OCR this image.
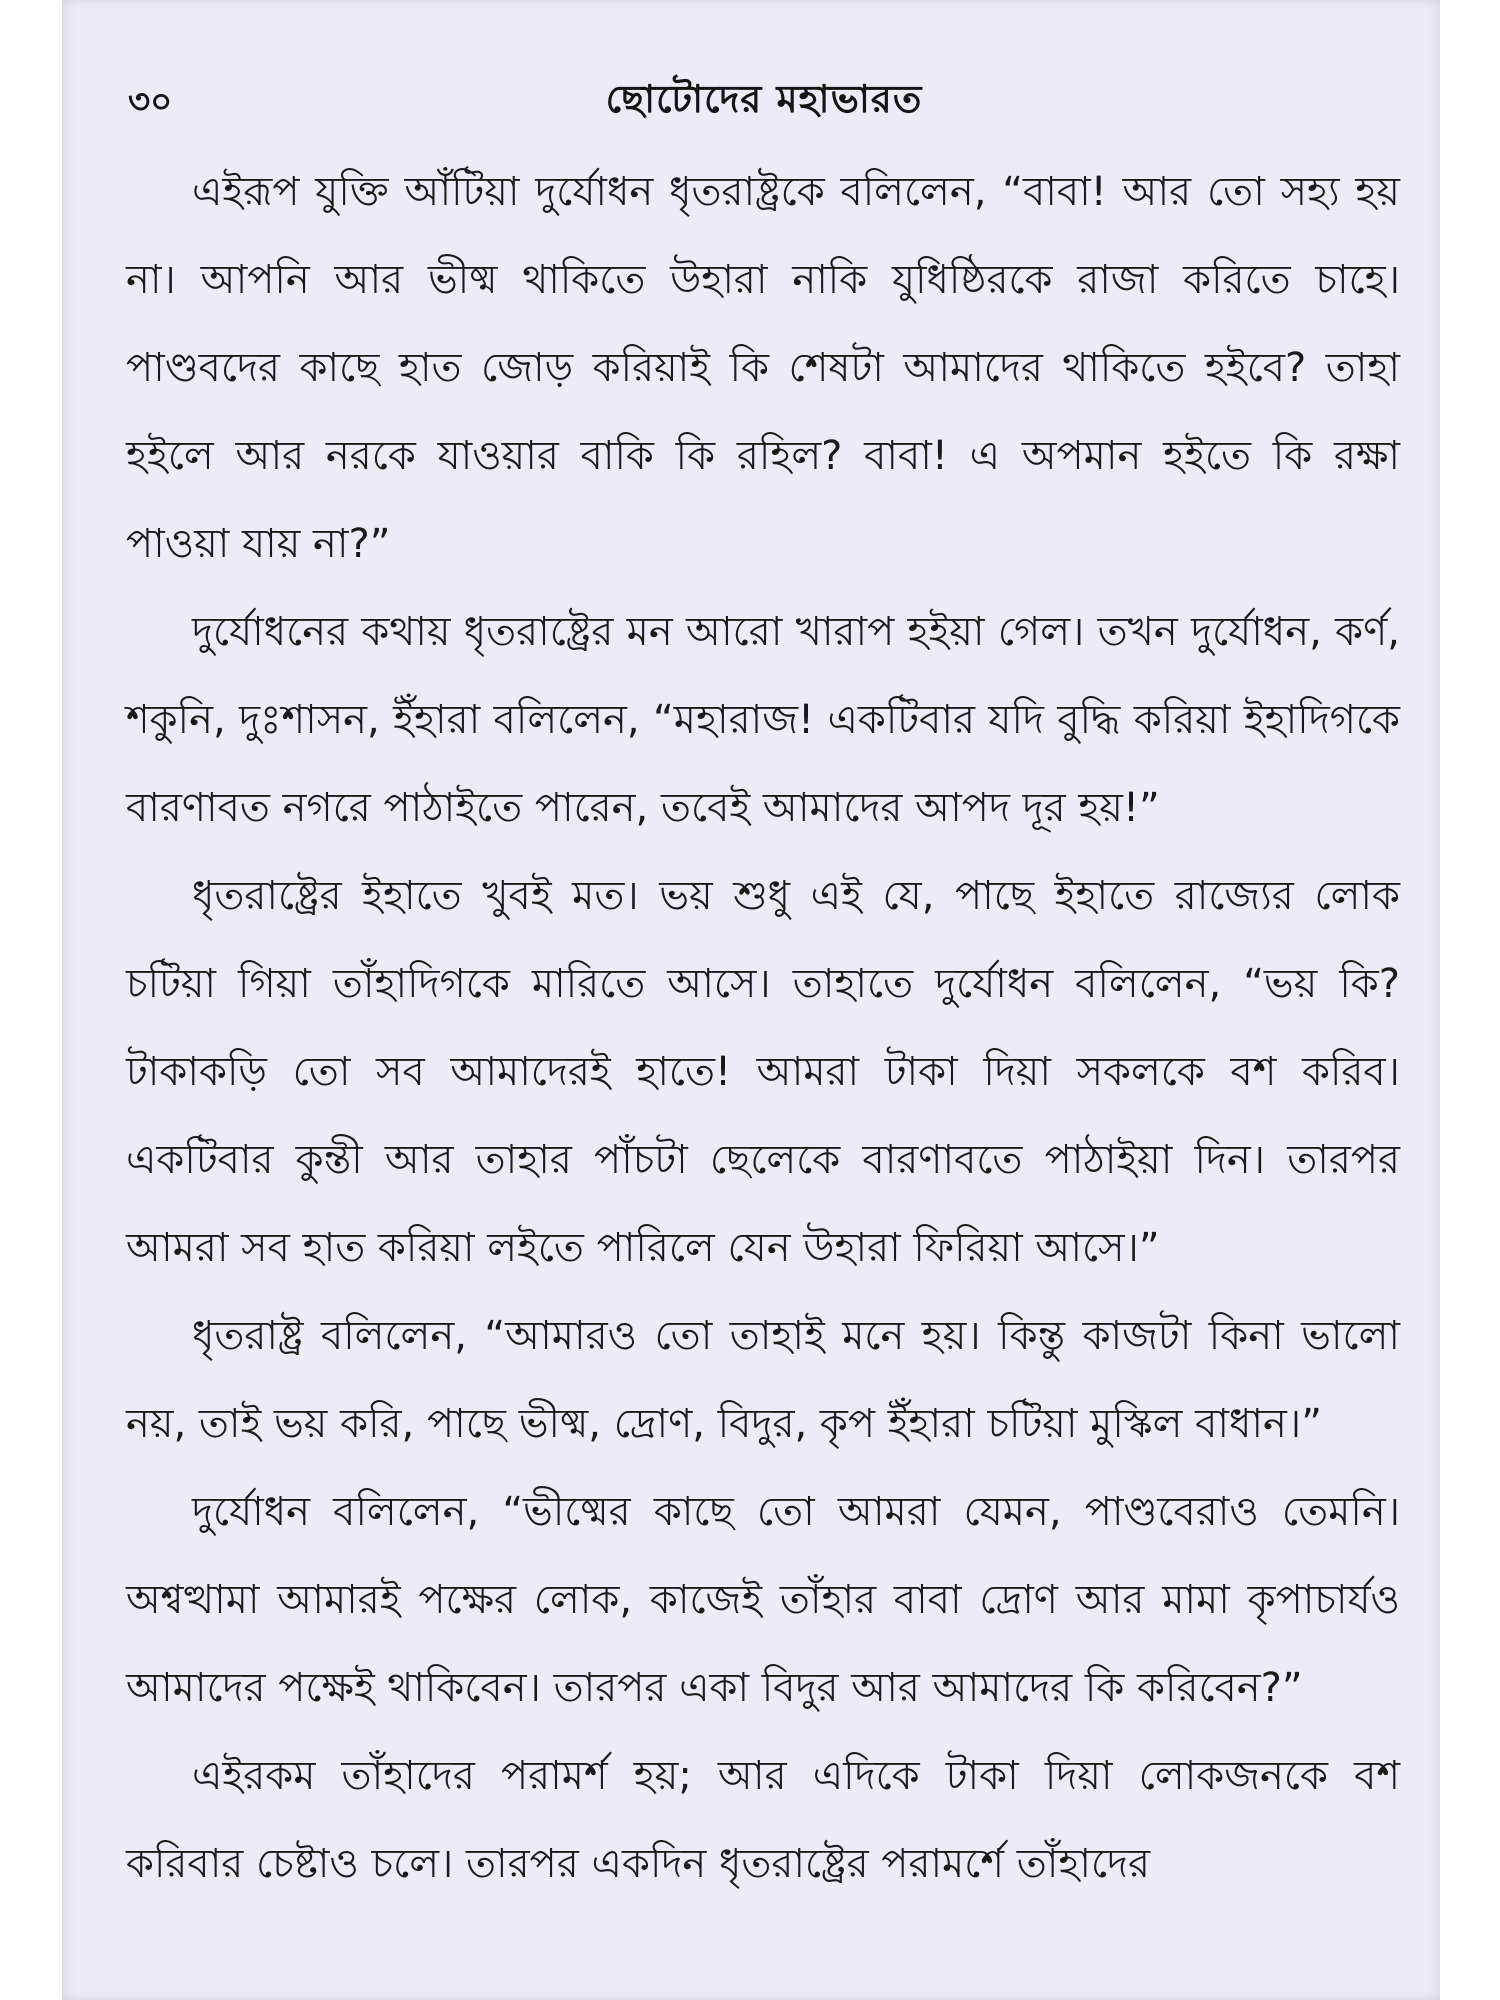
৩০	ছোটোদের মহাভারত

এইরূপ যুক্তি আঁটিয়া দুর্যোধন ধৃতরাষ্ট্রকে বলিলেন, “বাবা! আর তো সহ্য হয় না। আপনি আর ভীষ্ম থাকিতে উহারা নাকি যুধিষ্ঠিরকে রাজা করিতে চাহে। পাণ্ডবদের কাছে হাত জোড় করিয়াই কি শেষটা আমাদের থাকিতে হইবে? তাহা হইলে আর নরকে যাওয়ার বাকি কি রহিল? বাবা! এ অপমান হইতে কি রক্ষা পাওয়া যায় না?”

দুর্যোধনের কথায় ধৃতরাষ্ট্রের মন আরো খারাপ হইয়া গেল। তখন দুর্যোধন, কর্ণ, শকুনি, দুঃশাসন, ইঁহারা বলিলেন, “মহারাজ! একটিবার যদি বুদ্ধি করিয়া ইহাদিগকে বারণাবত নগরে পাঠাইতে পারেন, তবেই আমাদের আপদ দূর হয়!”

ধৃতরাষ্ট্রের ইহাতে খুবই মত। ভয় শুধু এই যে, পাছে ইহাতে রাজ্যের লোক চটিয়া গিয়া তাঁহাদিগকে মারিতে আসে। তাহাতে দুর্যোধন বলিলেন, “ভয় কি? টাকাকড়ি তো সব আমাদেরই হাতে! আমরা টাকা দিয়া সকলকে বশ করিব। একটিবার কুন্তী আর তাহার পাঁচটা ছেলেকে বারণাবতে পাঠাইয়া দিন। তারপর আমরা সব হাত করিয়া লইতে পারিলে যেন উহারা ফিরিয়া আসে।”

ধৃতরাষ্ট্র বলিলেন, “আমারও তো তাহাই মনে হয়। কিন্তু কাজটা কিনা ভালো নয়, তাই ভয় করি, পাছে ভীষ্ম, দ্রোণ, বিদুর, কৃপ ইঁহারা চটিয়া মুস্কিল বাধান।”

দুর্যোধন বলিলেন, “ভীষ্মের কাছে তো আমরা যেমন, পাণ্ডবেরাও তেমনি। অশ্বত্থামা আমারই পক্ষের লোক, কাজেই তাঁহার বাবা দ্রোণ আর মামা কৃপাচার্যও আমাদের পক্ষেই থাকিবেন। তারপর একা বিদুর আর আমাদের কি করিবেন?”

এইরকম তাঁহাদের পরামর্শ হয়; আর এদিকে টাকা দিয়া লোকজনকে বশ করিবার চেষ্টাও চলে। তারপর একদিন ধৃতরাষ্ট্রের পরামর্শে তাঁহাদের
